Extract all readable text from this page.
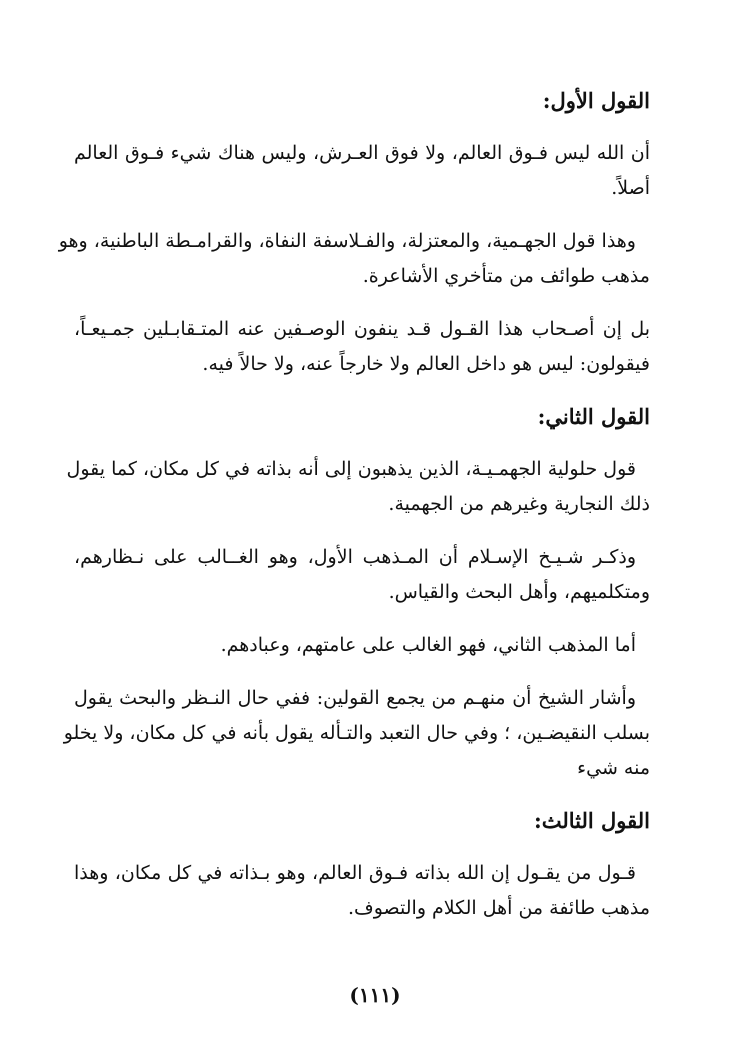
القول الأول:
أن الله ليس فـوق العالم، ولا فوق العـرش، وليس هناك شيء فـوق العالم
أصلاً.
وهذا قول الجهـمية، والمعتزلة، والفـلاسفة النفاة، والقرامـطة الباطنية، وهو
مذهب طوائف من متأخري الأشاعرة.
بل إن أصـحاب هذا القـول قـد ينفون الوصـفين عنه المتـقابـلين جمـيعـاً،
فيقولون: ليس هو داخل العالم ولا خارجاً عنه، ولا حالاً فيه.
القول الثاني:
قول حلولية الجهمـيـة، الذين يذهبون إلى أنه بذاته في كل مكان، كما يقول
ذلك النجارية وغيرهم من الجهمية.
وذكـر شـيـخ الإسـلام أن المـذهب الأول، وهو الغــالب على نـظارهم،
ومتكلميهم، وأهل البحث والقياس.
أما المذهب الثاني، فهو الغالب على عامتهم، وعبادهم.
وأشار الشيخ أن منهـم من يجمع القولين: ففي حال النـظر والبحث يقول
بسلب النقيضـين، ؛ وفي حال التعبد والتـأله يقول بأنه في كل مكان، ولا يخلو
منه شيء
القول الثالث:
قـول من يقـول إن الله بذاته فـوق العالم، وهو بـذاته في كل مكان، وهذا
مذهب طائفة من أهل الكلام والتصوف.
(١١١)
